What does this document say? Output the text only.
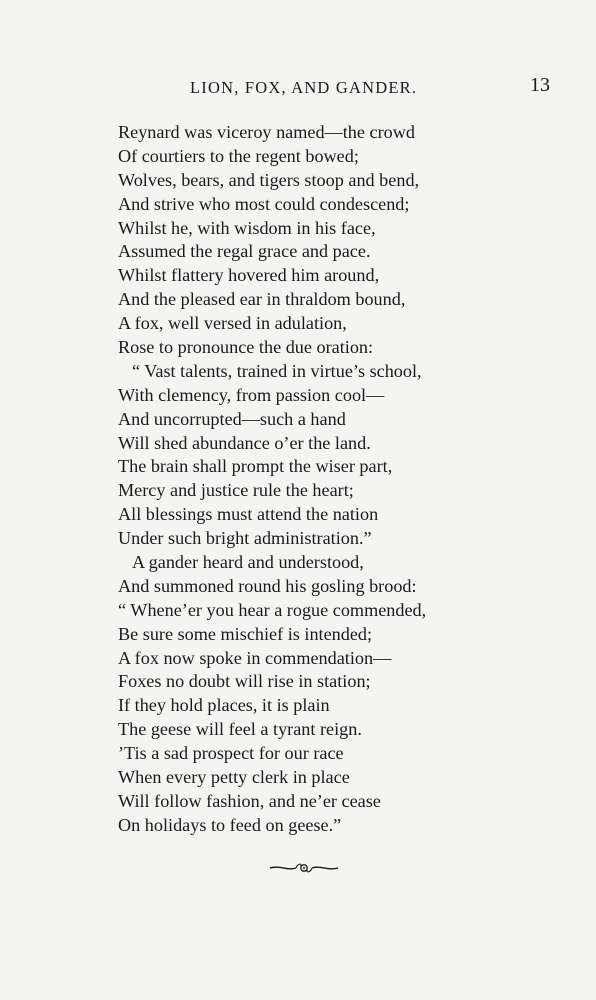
LION, FOX, AND GANDER.	13
Reynard was viceroy named—the crowd
Of courtiers to the regent bowed;
Wolves, bears, and tigers stoop and bend,
And strive who most could condescend;
Whilst he, with wisdom in his face,
Assumed the regal grace and pace.
Whilst flattery hovered him around,
And the pleased ear in thraldom bound,
A fox, well versed in adulation,
Rose to pronounce the due oration:
“ Vast talents, trained in virtue’s school,
With clemency, from passion cool—
And uncorrupted—such a hand
Will shed abundance o’er the land.
The brain shall prompt the wiser part,
Mercy and justice rule the heart;
All blessings must attend the nation
Under such bright administration.”
A gander heard and understood,
And summoned round his gosling brood:
“ Whene’er you hear a rogue commended,
Be sure some mischief is intended;
A fox now spoke in commendation—
Foxes no doubt will rise in station;
If they hold places, it is plain
The geese will feel a tyrant reign.
’Tis a sad prospect for our race
When every petty clerk in place
Will follow fashion, and ne’er cease
On holidays to feed on geese.”
